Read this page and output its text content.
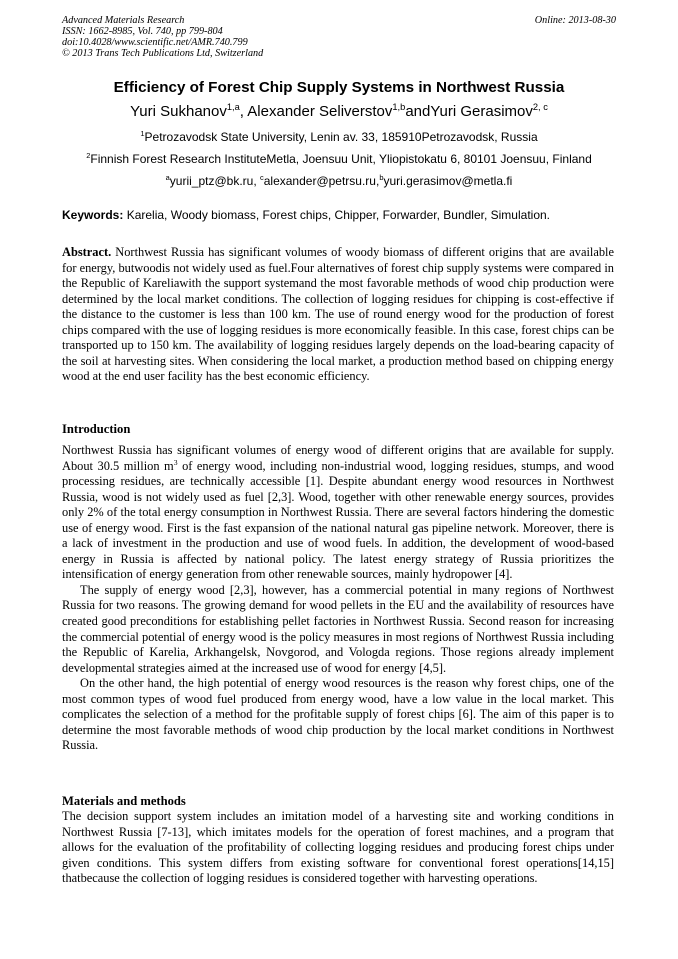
Advanced Materials Research
ISSN: 1662-8985, Vol. 740, pp 799-804
doi:10.4028/www.scientific.net/AMR.740.799
© 2013 Trans Tech Publications Ltd, Switzerland
Online: 2013-08-30
Efficiency of Forest Chip Supply Systems in Northwest Russia
Yuri Sukhanov$^{1,a}$, Alexander Seliverstov$^{1,b}$andYuri Gerasimov$^{2, c}$
$^1$Petrozavodsk State University, Lenin av. 33, 185910Petrozavodsk, Russia
$^2$Finnish Forest Research InstituteMetla, Joensuu Unit, Yliopistokatu 6, 80101 Joensuu, Finland
$^a$yurii_ptz@bk.ru, $^c$alexander@petrsu.ru,$^b$yuri.gerasimov@metla.fi
Keywords: Karelia, Woody biomass, Forest chips, Chipper, Forwarder, Bundler, Simulation.

Abstract. Northwest Russia has significant volumes of woody biomass of different origins that are available for energy, butwoodis not widely used as fuel.Four alternatives of forest chip supply systems were compared in the Republic of Kareliawith the support systemand the most favorable methods of wood chip production were determined by the local market conditions. The collection of logging residues for chipping is cost-effective if the distance to the customer is less than 100 km. The use of round energy wood for the production of forest chips compared with the use of logging residues is more economically feasible. In this case, forest chips can be transported up to 150 km. The availability of logging residues largely depends on the load-bearing capacity of the soil at harvesting sites. When considering the local market, a production method based on chipping energy wood at the end user facility has the best economic efficiency.

Introduction

Northwest Russia has significant volumes of energy wood of different origins that are available for supply. About 30.5 million $m^3$ of energy wood, including non-industrial wood, logging residues, stumps, and wood processing residues, are technically accessible [1]. Despite abundant energy wood resources in Northwest Russia, wood is not widely used as fuel [2,3]. Wood, together with other renewable energy sources, provides only 2% of the total energy consumption in Northwest Russia. There are several factors hindering the domestic use of energy wood. First is the fast expansion of the national natural gas pipeline network. Moreover, there is a lack of investment in the production and use of wood fuels. In addition, the development of wood-based energy in Russia is affected by national policy. The latest energy strategy of Russia prioritizes the intensification of energy generation from other renewable sources, mainly hydropower [4].

The supply of energy wood [2,3], however, has a commercial potential in many regions of Northwest Russia for two reasons. The growing demand for wood pellets in the EU and the availability of resources have created good preconditions for establishing pellet factories in Northwest Russia. Second reason for increasing the commercial potential of energy wood is the policy measures in most regions of Northwest Russia including the Republic of Karelia, Arkhangelsk, Novgorod, and Vologda regions. Those regions already implement developmental strategies aimed at the increased use of wood for energy [4,5].

On the other hand, the high potential of energy wood resources is the reason why forest chips, one of the most common types of wood fuel produced from energy wood, have a low value in the local market. This complicates the selection of a method for the profitable supply of forest chips [6]. The aim of this paper is to determine the most favorable methods of wood chip production by the local market conditions in Northwest Russia.

Materials and methods

The decision support system includes an imitation model of a harvesting site and working conditions in Northwest Russia [7-13], which imitates models for the operation of forest machines, and a program that allows for the evaluation of the profitability of collecting logging residues and producing forest chips under given conditions. This system differs from existing software for conventional forest operations[14,15] thatbecause the collection of logging residues is considered together with harvesting operations.
